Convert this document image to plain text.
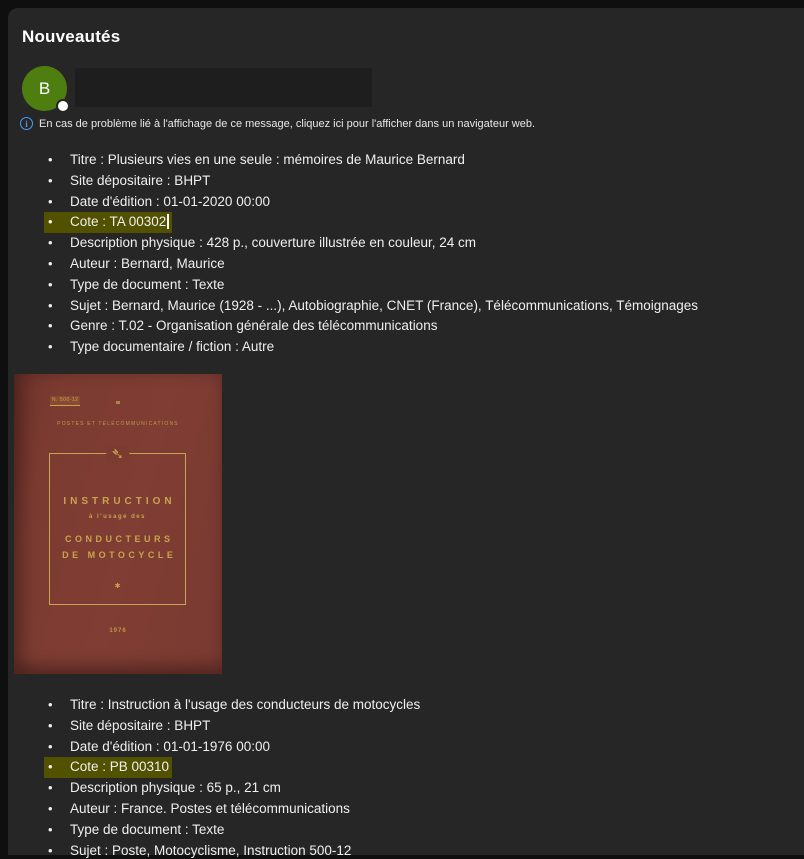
Nouveautés
B
i	En cas de problème lié à l'affichage de ce message, cliquez ici pour l'afficher dans un navigateur web.
• Titre : Plusieurs vies en une seule : mémoires de Maurice Bernard
• Site dépositaire : BHPT
• Date d'édition : 01-01-2020 00:00
• Cote : TA 00302
• Description physique : 428 p., couverture illustrée en couleur, 24 cm
• Auteur : Bernard, Maurice
• Type de document : Texte
• Sujet : Bernard, Maurice (1928 - ...), Autobiographie, CNET (France), Télécommunications, Témoignages
• Genre : T.02 - Organisation générale des télécommunications
• Type documentaire / fiction : Autre
N. 500-12
POSTES ET TÉLÉCOMMUNICATIONS
➴
INSTRUCTION
à l'usage des
CONDUCTEURS
DE MOTOCYCLE
✱
1976
• Titre : Instruction à l'usage des conducteurs de motocycles
• Site dépositaire : BHPT
• Date d'édition : 01-01-1976 00:00
• Cote : PB 00310
• Description physique : 65 p., 21 cm
• Auteur : France. Postes et télécommunications
• Type de document : Texte
• Sujet : Poste, Motocyclisme, Instruction 500-12
